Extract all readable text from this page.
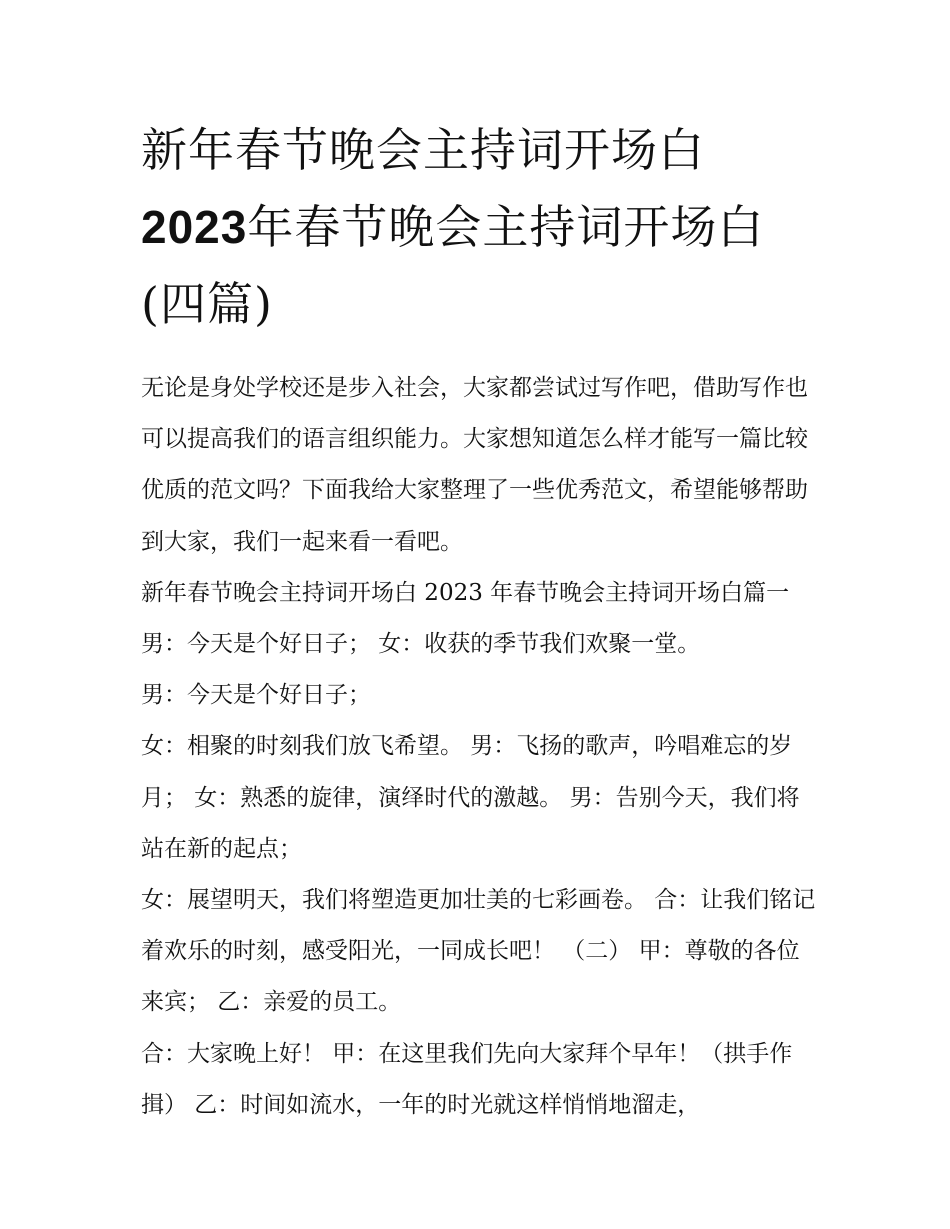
新年春节晚会主持词开场白
2023年春节晚会主持词开场白
(四篇)

无论是身处学校还是步入社会，大家都尝试过写作吧，借助写作也可以提高我们的语言组织能力。大家想知道怎么样才能写一篇比较优质的范文吗？下面我给大家整理了一些优秀范文，希望能够帮助到大家，我们一起来看一看吧。

新年春节晚会主持词开场白 2023 年春节晚会主持词开场白篇一 男：今天是个好日子； 女：收获的季节我们欢聚一堂。

男：今天是个好日子；

女：相聚的时刻我们放飞希望。 男：飞扬的歌声，吟唱难忘的岁月； 女：熟悉的旋律，演绎时代的激越。 男：告别今天，我们将站在新的起点；

女：展望明天，我们将塑造更加壮美的七彩画卷。 合：让我们铭记着欢乐的时刻，感受阳光，一同成长吧！ （二） 甲：尊敬的各位来宾； 乙：亲爱的员工。

合：大家晚上好！ 甲：在这里我们先向大家拜个早年！（拱手作揖） 乙：时间如流水，一年的时光就这样悄悄地溜走，
